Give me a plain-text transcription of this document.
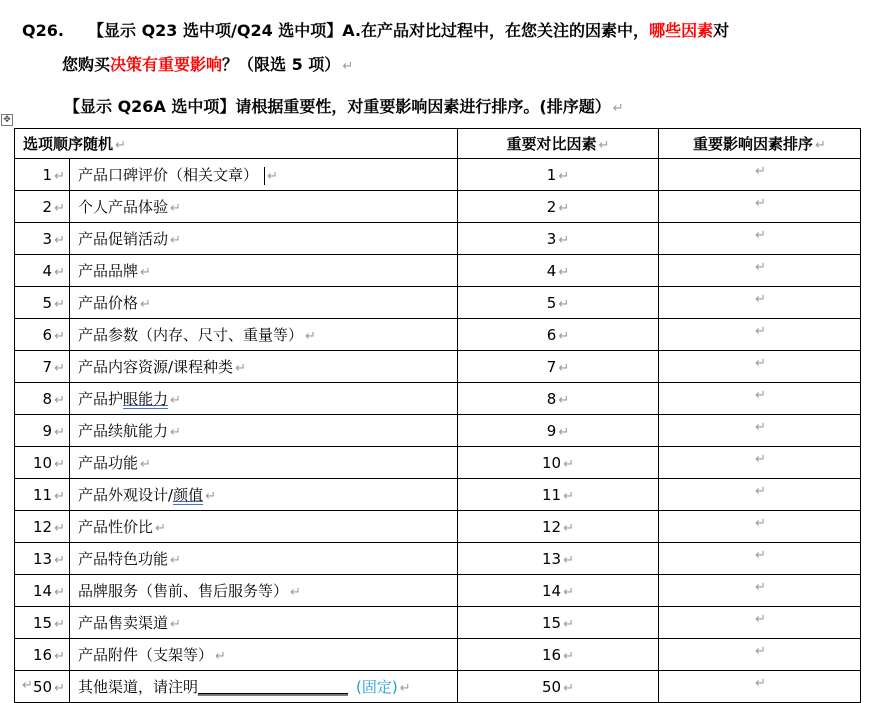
Q26. 【显示 Q23 选中项/Q24 选中项】A.在产品对比过程中，在您关注的因素中，哪些因素对
您购买决策有重要影响？（限选 5 项） ↵
【显示 Q26A 选中项】请根据重要性，对重要影响因素进行排序。(排序题） ↵
✥
选项顺序随机 ↵		重要对比因素 ↵	重要影响因素排序 ↵
1 ↵	产品口碑评价（相关文章） ↵	1 ↵	↵
2 ↵	个人产品体验 ↵	2 ↵	↵
3 ↵	产品促销活动 ↵	3 ↵	↵
4 ↵	产品品牌 ↵	4 ↵	↵
5 ↵	产品价格 ↵	5 ↵	↵
6 ↵	产品参数（内存、尺寸、重量等） ↵	6 ↵	↵
7 ↵	产品内容资源/课程种类 ↵	7 ↵	↵
8 ↵	产品护眼能力 ↵	8 ↵	↵
9 ↵	产品续航能力 ↵	9 ↵	↵
10 ↵	产品功能 ↵	10 ↵	↵
11 ↵	产品外观设计/颜值 ↵	11 ↵	↵
12 ↵	产品性价比 ↵	12 ↵	↵
13 ↵	产品特色功能 ↵	13 ↵	↵
14 ↵	品牌服务（售前、售后服务等） ↵	14 ↵	↵
15 ↵	产品售卖渠道 ↵	15 ↵	↵
16 ↵	产品附件（支架等） ↵	16 ↵	↵
50 ↵	其他渠道，请注明____________________ (固定) ↵	50 ↵	↵
↵
